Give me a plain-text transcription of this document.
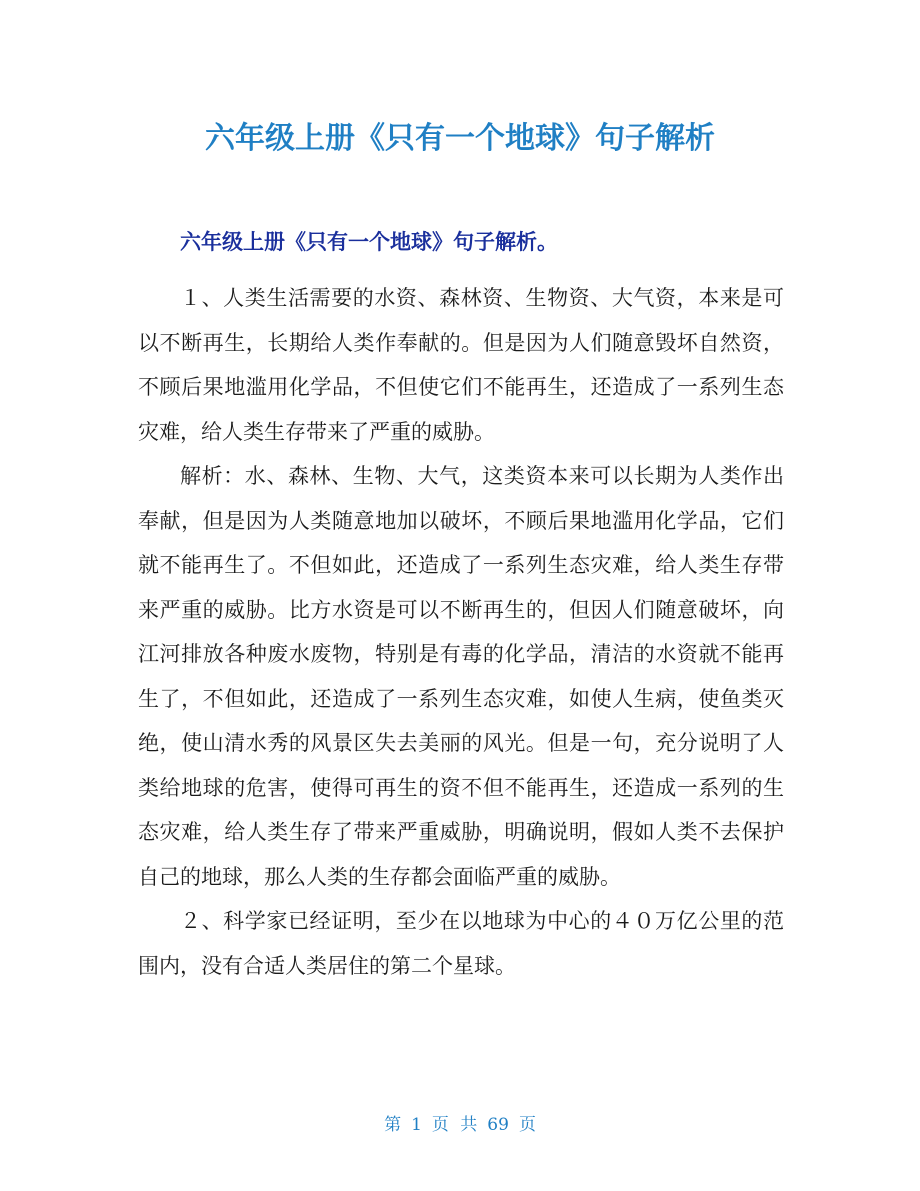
六年级上册《只有一个地球》句子解析
六年级上册《只有一个地球》句子解析。

１、人类生活需要的水资、森林资、生物资、大气资，本来是可以不断再生，长期给人类作奉献的。但是因为人们随意毁坏自然资，不顾后果地滥用化学品，不但使它们不能再生，还造成了一系列生态灾难，给人类生存带来了严重的威胁。

解析：水、森林、生物、大气，这类资本来可以长期为人类作出奉献，但是因为人类随意地加以破坏，不顾后果地滥用化学品，它们就不能再生了。不但如此，还造成了一系列生态灾难，给人类生存带来严重的威胁。比方水资是可以不断再生的，但因人们随意破坏，向江河排放各种废水废物，特别是有毒的化学品，清洁的水资就不能再生了，不但如此，还造成了一系列生态灾难，如使人生病，使鱼类灭绝，使山清水秀的风景区失去美丽的风光。但是一句，充分说明了人类给地球的危害，使得可再生的资不但不能再生，还造成一系列的生态灾难，给人类生存了带来严重威胁，明确说明，假如人类不去保护自己的地球，那么人类的生存都会面临严重的威胁。

２、科学家已经证明，至少在以地球为中心的４０万亿公里的范围内，没有合适人类居住的第二个星球。

第 1 页 共 69 页
